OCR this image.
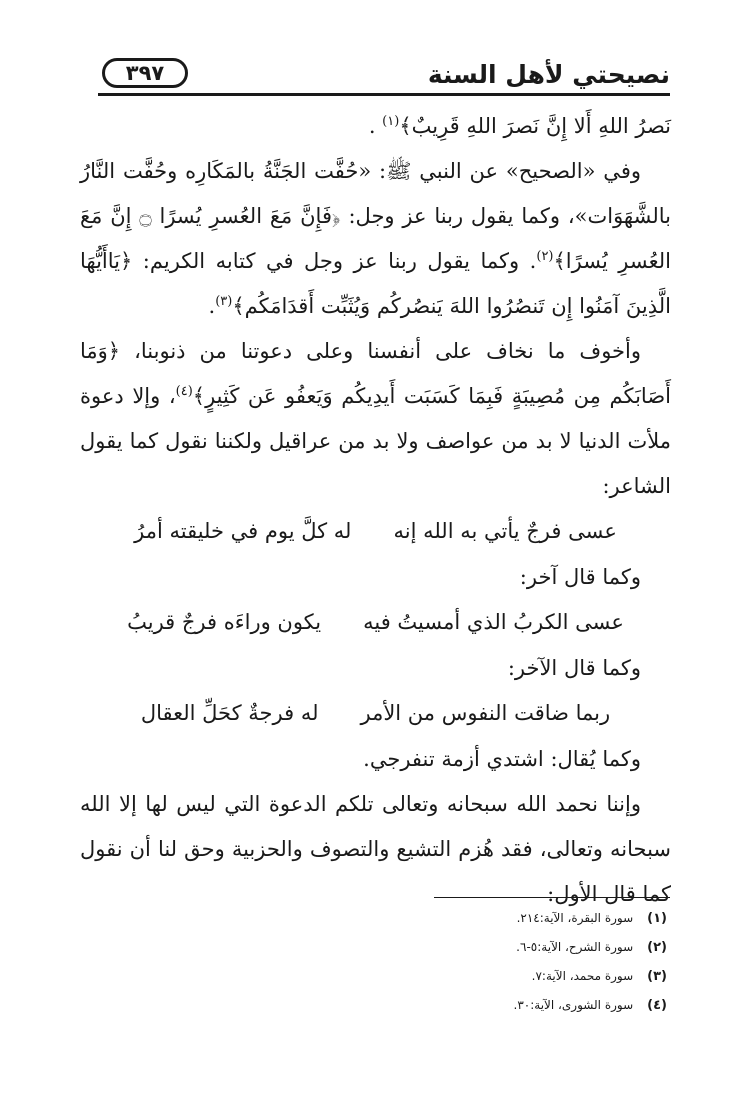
نصيحتي لأهل السنة
٣٩٧

نَصرُ اللهِ أَلا إِنَّ نَصرَ اللهِ قَرِيبٌ﴾$^{(١)}$ .

وفي «الصحيح» عن النبي ﷺ: «حُفَّت الجَنَّةُ بالمَكَارِه وحُفَّت النَّارُ بالشَّهَوَات»، وكما يقول ربنا عز وجل: ﴿فَإِنَّ مَعَ العُسرِ يُسرًا ۝ إِنَّ مَعَ العُسرِ يُسرًا﴾$^{(٢)}$. وكما يقول ربنا عز وجل في كتابه الكريم: ﴿يَاأَيُّهَا الَّذِينَ آمَنُوا إِن تَنصُرُوا اللهَ يَنصُركُم وَيُثَبِّت أَقدَامَكُم﴾$^{(٣)}$.

وأخوف ما نخاف على أنفسنا وعلى دعوتنا من ذنوبنا، ﴿وَمَا أَصَابَكُم مِن مُصِيبَةٍ فَبِمَا كَسَبَت أَيدِيكُم وَيَعفُو عَن كَثِيرٍ﴾$^{(٤)}$، وإلا دعوة ملأت الدنيا لا بد من عواصف ولا بد من عراقيل ولكننا نقول كما يقول الشاعر:

عسى فرجٌ يأتي به الله إنه
له كلَّ يوم في خليقته أمرُ

وكما قال آخر:

عسى الكربُ الذي أمسيتُ فيه
يكون وراءَه فرجٌ قريبُ

وكما قال الآخر:

ربما ضاقت النفوس من الأمر
له فرجةٌ كحَلِّ العقال

وكما يُقال: اشتدي أزمة تنفرجي.

وإننا نحمد الله سبحانه وتعالى تلكم الدعوة التي ليس لها إلا الله سبحانه وتعالى، فقد هُزم التشيع والتصوف والحزبية وحق لنا أن نقول كما قال الأول:

(١)
سورة البقرة، الآية:٢١٤.
(٢)
سورة الشرح، الآية:٥-٦.
(٣)
سورة محمد، الآية:٧.
(٤)
سورة الشورى، الآية:٣٠.
